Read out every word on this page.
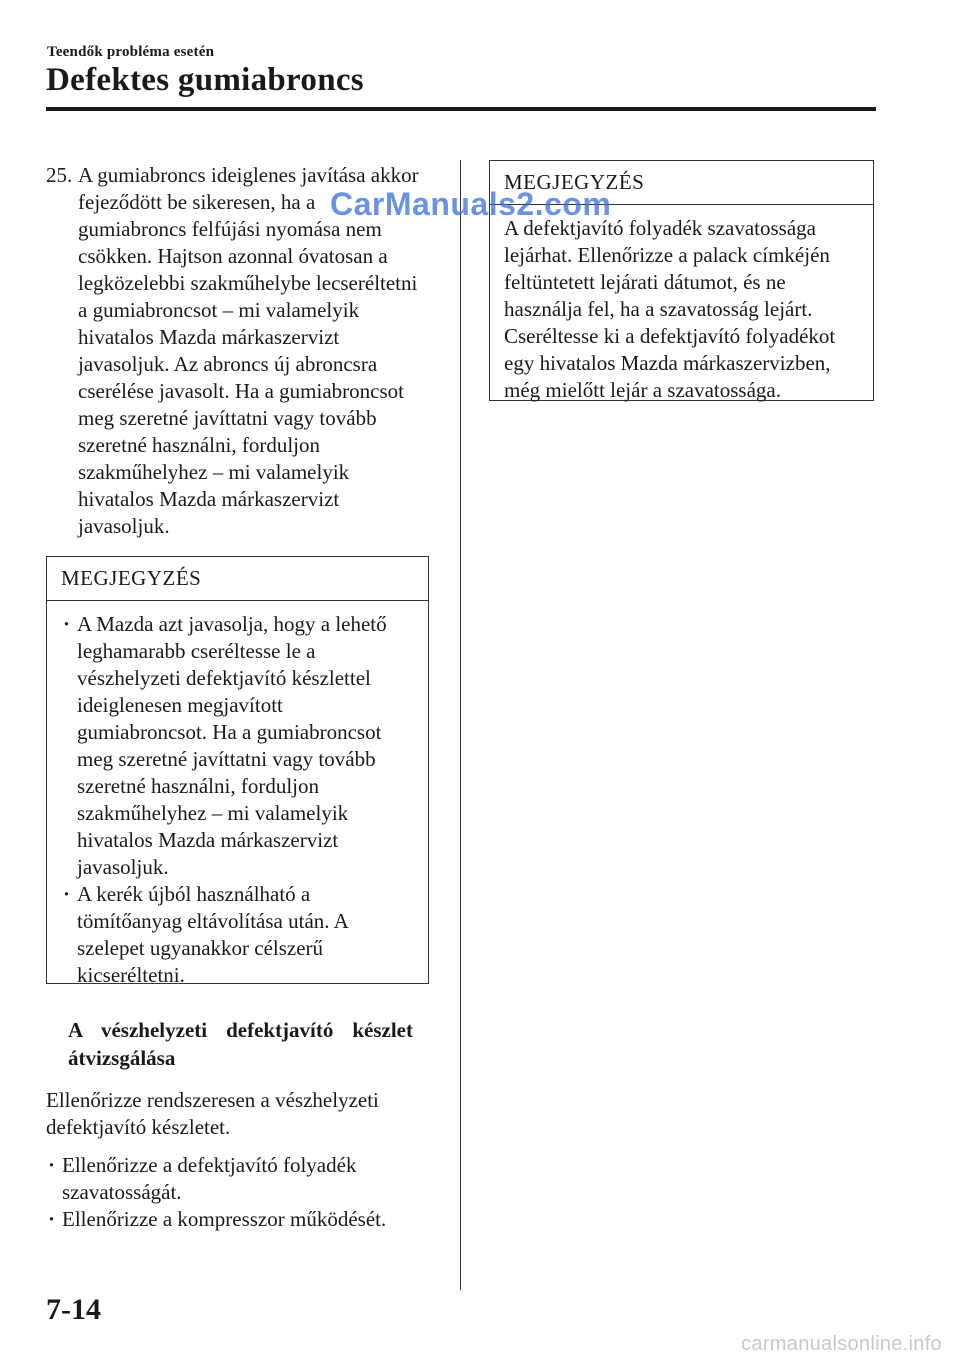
Teendők probléma esetén
Defektes gumiabroncs
25. A gumiabroncs ideiglenes javítása akkor fejeződött be sikeresen, ha a gumiabroncs felfújási nyomása nem csökken. Hajtson azonnal óvatosan a legközelebbi szakműhelybe lecseréltetni a gumiabroncsot – mi valamelyik hivatalos Mazda márkaszervizt javasoljuk. Az abroncs új abroncsra cserélése javasolt. Ha a gumiabroncsot meg szeretné javíttatni vagy tovább szeretné használni, forduljon szakműhelyhez – mi valamelyik hivatalos Mazda márkaszervizt javasoljuk.
MEGJEGYZÉS
· A Mazda azt javasolja, hogy a lehető leghamarabb cseréltesse le a vészhelyzeti defektjavító készlettel ideiglenesen megjavított gumiabroncsot. Ha a gumiabroncsot meg szeretné javíttatni vagy tovább szeretné használni, forduljon szakműhelyhez – mi valamelyik hivatalos Mazda márkaszervizt javasoljuk.
· A kerék újból használható a tömítőanyag eltávolítása után. A szelepet ugyanakkor célszerű kicseréltetni.
A vészhelyzeti defektjavító készlet átvizsgálása
Ellenőrizze rendszeresen a vészhelyzeti defektjavító készletet.
· Ellenőrizze a defektjavító folyadék szavatosságát.
· Ellenőrizze a kompresszor működését.
MEGJEGYZÉS
A defektjavító folyadék szavatossága lejárhat. Ellenőrizze a palack címkéjén feltüntetett lejárati dátumot, és ne használja fel, ha a szavatosság lejárt. Cseréltesse ki a defektjavító folyadékot egy hivatalos Mazda márkaszervizben, még mielőtt lejár a szavatossága.
CarManuals2.com
7-14
carmanualsonline.info
